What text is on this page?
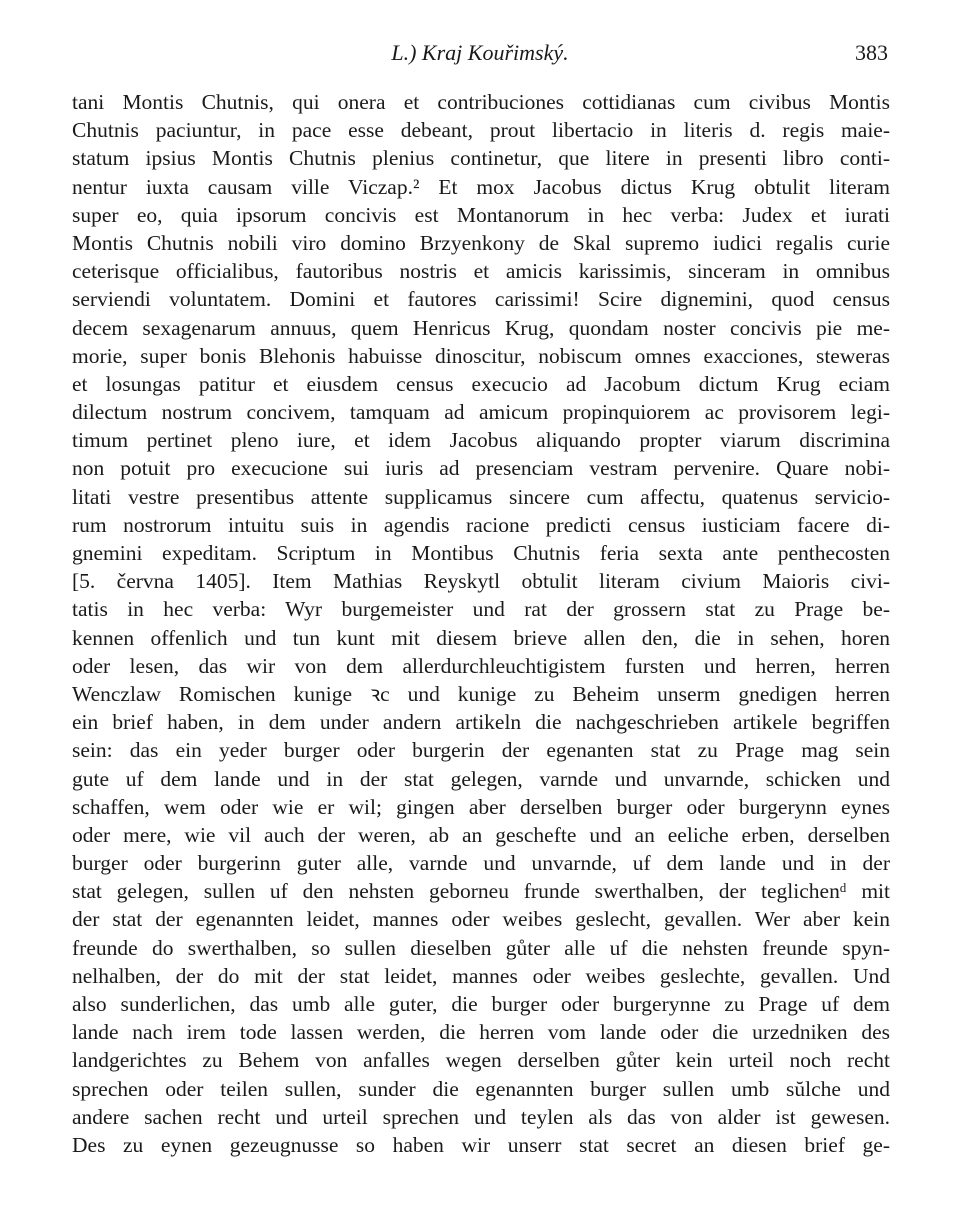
L.) Kraj Kouřimský.	383
tani Montis Chutnis, qui onera et contribuciones cottidianas cum civibus Montis
Chutnis paciuntur, in pace esse debeant, prout libertacio in literis d. regis maie-
statum ipsius Montis Chutnis plenius continetur, que litere in presenti libro conti-
nentur iuxta causam ville Viczap.² Et mox Jacobus dictus Krug obtulit literam
super eo, quia ipsorum concivis est Montanorum in hec verba: Judex et iurati
Montis Chutnis nobili viro domino Brzyenkony de Skal supremo iudici regalis curie
ceterisque officialibus, fautoribus nostris et amicis karissimis, sinceram in omnibus
serviendi voluntatem. Domini et fautores carissimi! Scire dignemini, quod census
decem sexagenarum annuus, quem Henricus Krug, quondam noster concivis pie me-
morie, super bonis Blehonis habuisse dinoscitur, nobiscum omnes exacciones, steweras
et losungas patitur et eiusdem census execucio ad Jacobum dictum Krug eciam
dilectum nostrum concivem, tamquam ad amicum propinquiorem ac provisorem legi-
timum pertinet pleno iure, et idem Jacobus aliquando propter viarum discrimina
non potuit pro execucione sui iuris ad presenciam vestram pervenire. Quare nobi-
litati vestre presentibus attente supplicamus sincere cum affectu, quatenus servicio-
rum nostrorum intuitu suis in agendis racione predicti census iusticiam facere di-
gnemini expeditam. Scriptum in Montibus Chutnis feria sexta ante penthecosten
[5. června 1405]. Item Mathias Reyskytl obtulit literam civium Maioris civi-
tatis in hec verba: Wyr burgemeister und rat der grossern stat zu Prage be-
kennen offenlich und tun kunt mit diesem brieve allen den, die in sehen, horen
oder lesen, das wir von dem allerdurchleuchtigistem fursten und herren, herren
Wenczlaw Romischen kunige ꝛc und kunige zu Beheim unserm gnedigen herren
ein brief haben, in dem under andern artikeln die nachgeschrieben artikele begriffen
sein: das ein yeder burger oder burgerin der egenanten stat zu Prage mag sein
gute uf dem lande und in der stat gelegen, varnde und unvarnde, schicken und
schaffen, wem oder wie er wil; gingen aber derselben burger oder burgerynn eynes
oder mere, wie vil auch der weren, ab an geschefte und an eeliche erben, derselben
burger oder burgerinn guter alle, varnde und unvarnde, uf dem lande und in der
stat gelegen, sullen uf den nehsten geborneu frunde swerthalben, der teglichenᵈ mit
der stat der egenannten leidet, mannes oder weibes geslecht, gevallen. Wer aber kein
freunde do swerthalben, so sullen dieselben gůter alle uf die nehsten freunde spyn-
nelhalben, der do mit der stat leidet, mannes oder weibes geslechte, gevallen. Und
also sunderlichen, das umb alle guter, die burger oder burgerynne zu Prage uf dem
lande nach irem tode lassen werden, die herren vom lande oder die urzedniken des
landgerichtes zu Behem von anfalles wegen derselben gůter kein urteil noch recht
sprechen oder teilen sullen, sunder die egenannten burger sullen umb sŭlche und
andere sachen recht und urteil sprechen und teylen als das von alder ist gewesen.
Des zu eynen gezeugnusse so haben wir unserr stat secret an diesen brief ge-
